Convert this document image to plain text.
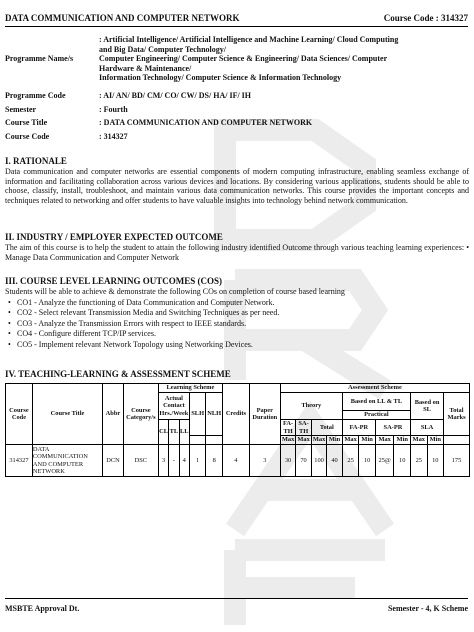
DATA COMMUNICATION AND COMPUTER NETWORK	Course Code : 314327
Programme Name/s
: Artificial Intelligence/ Artificial Intelligence and Machine Learning/ Cloud Computing
and Big Data/ Computer Technology/
Computer Engineering/ Computer Science & Engineering/ Data Sciences/ Computer
Hardware & Maintenance/
Information Technology/ Computer Science & Information Technology
Programme Code	: AI/ AN/ BD/ CM/ CO/ CW/ DS/ HA/ IF/ IH
Semester	: Fourth
Course Title	: DATA COMMUNICATION AND COMPUTER NETWORK
Course Code	: 314327
I. RATIONALE

Data communication and computer networks are essential components of modern computing infrastructure, enabling seamless exchange of information and facilitating collaboration across various devices and locations. By considering various applications, students should be able to choose, classify, install, troubleshoot, and maintain various data communication networks. This course provides the important concepts and techniques related to networking and offer students to have valuable insights into technology behind network communication.

II. INDUSTRY / EMPLOYER EXPECTED OUTCOME

The aim of this course is to help the student to attain the following industry identified Outcome through various teaching learning experiences: • Manage Data Communication and Computer Network

III. COURSE LEVEL LEARNING OUTCOMES (COS)

Students will be able to achieve & demonstrate the following COs on completion of course based learning

• CO1 - Analyze the functioning of Data Communication and Computer Network.
• CO2 - Select relevant Transmission Media and Switching Techniques as per need.
• CO3 - Analyze the Transmission Errors with respect to IEEE standards.
• CO4 - Configure different TCP/IP services.
• CO5 - Implement relevant Network Topology using Networking Devices.
IV. TEACHING-LEARNING & ASSESSMENT SCHEME
Course Code	Course Title	Abbr	Course Category/s	Learning Scheme					Credits	Paper Duration	Assessment Scheme										
				Actual Contact Hrs./Week			SLH	NLH			Theory				Based on LL & TL				Based on SL		Total Marks
															Practical						
				CL	TL	LL					FA-TH	SA-TH	Total		FA-PR		SA-PR		SLA		
											Max	Max	Max	Min	Max	Min	Max	Min	Max	Min	
314327	DATA COMMUNICATION AND COMPUTER NETWORK	DCN	DSC	3	-	4	1	8	4	3	30	70	100	40	25	10	25@	10	25	10	175
MSBTE Approval Dt.	Semester - 4, K Scheme
